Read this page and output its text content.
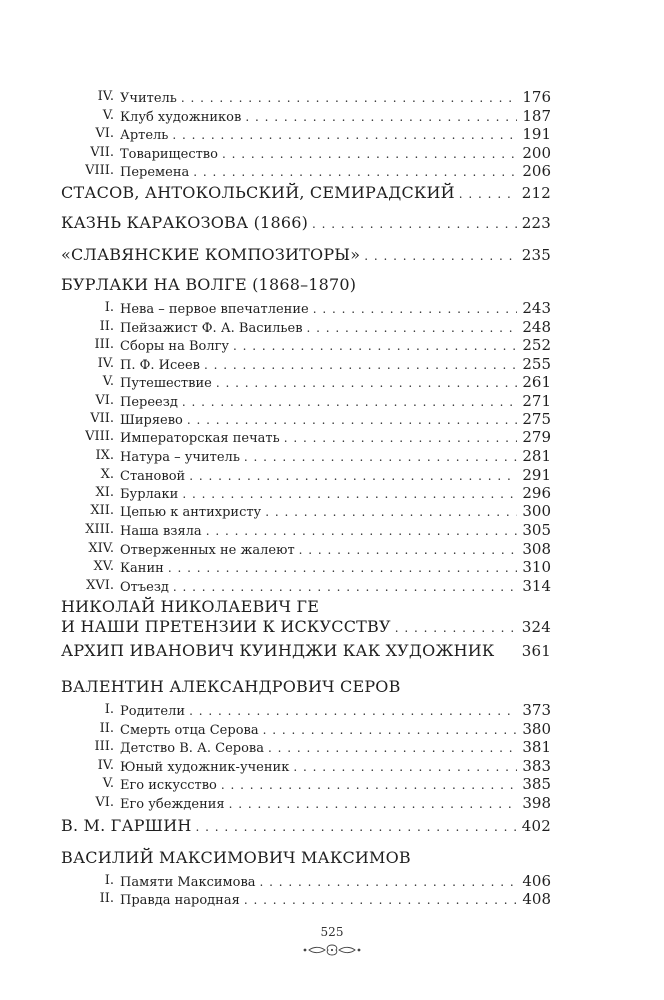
IV. Учитель . . .	176
V. Клуб художников . . .	187
VI. Артель . . .	191
VII. Товарищество . . .	200
VIII. Перемена . . .	206
СТАСОВ, АНТОКОЛЬСКИЙ, СЕМИРАДСКИЙ . . .	212
КАЗНЬ КАРАКОЗОВА (1866) . . .	223
«СЛАВЯНСКИЕ КОМПОЗИТОРЫ» . . .	235
БУРЛАКИ НА ВОЛГЕ (1868–1870)
I. Нева – первое впечатление . . .	243
II. Пейзажист Ф. А. Васильев . . .	248
III. Сборы на Волгу . . .	252
IV. П. Ф. Исеев . . .	255
V. Путешествие . . .	261
VI. Переезд . . .	271
VII. Ширяево . . .	275
VIII. Императорская печать . . .	279
IX. Натура – учитель . . .	281
X. Становой . . .	291
XI. Бурлаки . . .	296
XII. Цепью к антихристу . . .	300
XIII. Наша взяла . . .	305
XIV. Отверженных не жалеют . . .	308
XV. Канин . . .	310
XVI. Отъезд . . .	314
НИКОЛАЙ НИКОЛАЕВИЧ ГЕ
И НАШИ ПРЕТЕНЗИИ К ИСКУССТВУ . . .	324
АРХИП ИВАНОВИЧ КУИНДЖИ КАК ХУДОЖНИК 361
ВАЛЕНТИН АЛЕКСАНДРОВИЧ СЕРОВ
I. Родители . . .	373
II. Смерть отца Серова . . .	380
III. Детство В. А. Серова . . .	381
IV. Юный художник-ученик . . .	383
V. Его искусство . . .	385
VI. Его убеждения . . .	398
В. М. ГАРШИН . . .	402
ВАСИЛИЙ МАКСИМОВИЧ МАКСИМОВ
I. Памяти Максимова . . .	406
II. Правда народная . . .	408
525
